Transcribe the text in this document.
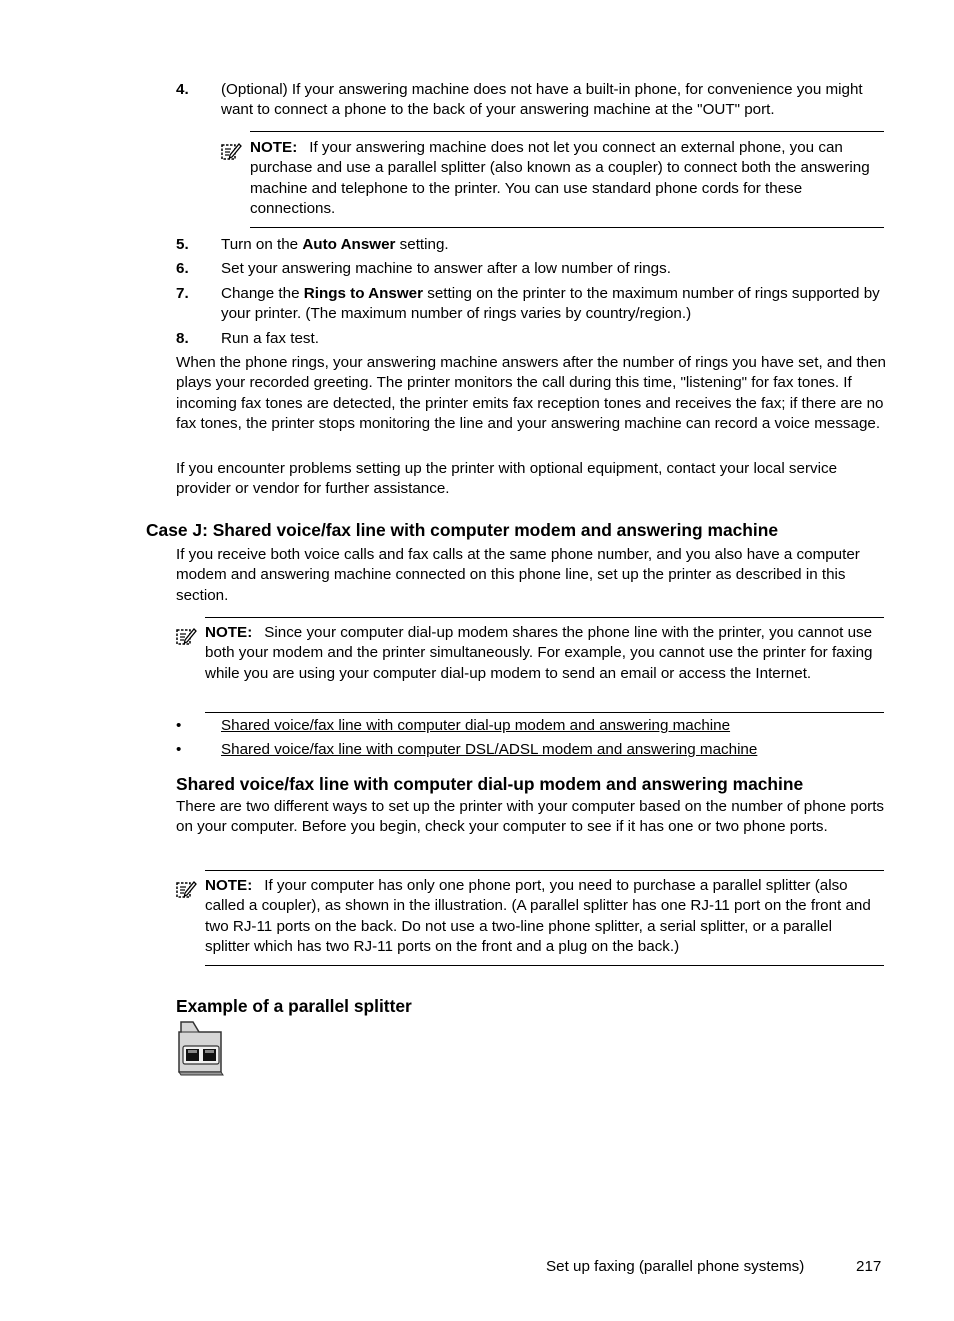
4. (Optional) If your answering machine does not have a built-in phone, for convenience you might want to connect a phone to the back of your answering machine at the "OUT" port.
NOTE: If your answering machine does not let you connect an external phone, you can purchase and use a parallel splitter (also known as a coupler) to connect both the answering machine and telephone to the printer. You can use standard phone cords for these connections.
5. Turn on the Auto Answer setting.
6. Set your answering machine to answer after a low number of rings.
7. Change the Rings to Answer setting on the printer to the maximum number of rings supported by your printer. (The maximum number of rings varies by country/region.)
8. Run a fax test.
When the phone rings, your answering machine answers after the number of rings you have set, and then plays your recorded greeting. The printer monitors the call during this time, "listening" for fax tones. If incoming fax tones are detected, the printer emits fax reception tones and receives the fax; if there are no fax tones, the printer stops monitoring the line and your answering machine can record a voice message.
If you encounter problems setting up the printer with optional equipment, contact your local service provider or vendor for further assistance.
Case J: Shared voice/fax line with computer modem and answering machine
If you receive both voice calls and fax calls at the same phone number, and you also have a computer modem and answering machine connected on this phone line, set up the printer as described in this section.
NOTE: Since your computer dial-up modem shares the phone line with the printer, you cannot use both your modem and the printer simultaneously. For example, you cannot use the printer for faxing while you are using your computer dial-up modem to send an email or access the Internet.
•	Shared voice/fax line with computer dial-up modem and answering machine
•	Shared voice/fax line with computer DSL/ADSL modem and answering machine
Shared voice/fax line with computer dial-up modem and answering machine
There are two different ways to set up the printer with your computer based on the number of phone ports on your computer. Before you begin, check your computer to see if it has one or two phone ports.
NOTE: If your computer has only one phone port, you need to purchase a parallel splitter (also called a coupler), as shown in the illustration. (A parallel splitter has one RJ-11 port on the front and two RJ-11 ports on the back. Do not use a two-line phone splitter, a serial splitter, or a parallel splitter which has two RJ-11 ports on the front and a plug on the back.)
Example of a parallel splitter
Set up faxing (parallel phone systems)	217
